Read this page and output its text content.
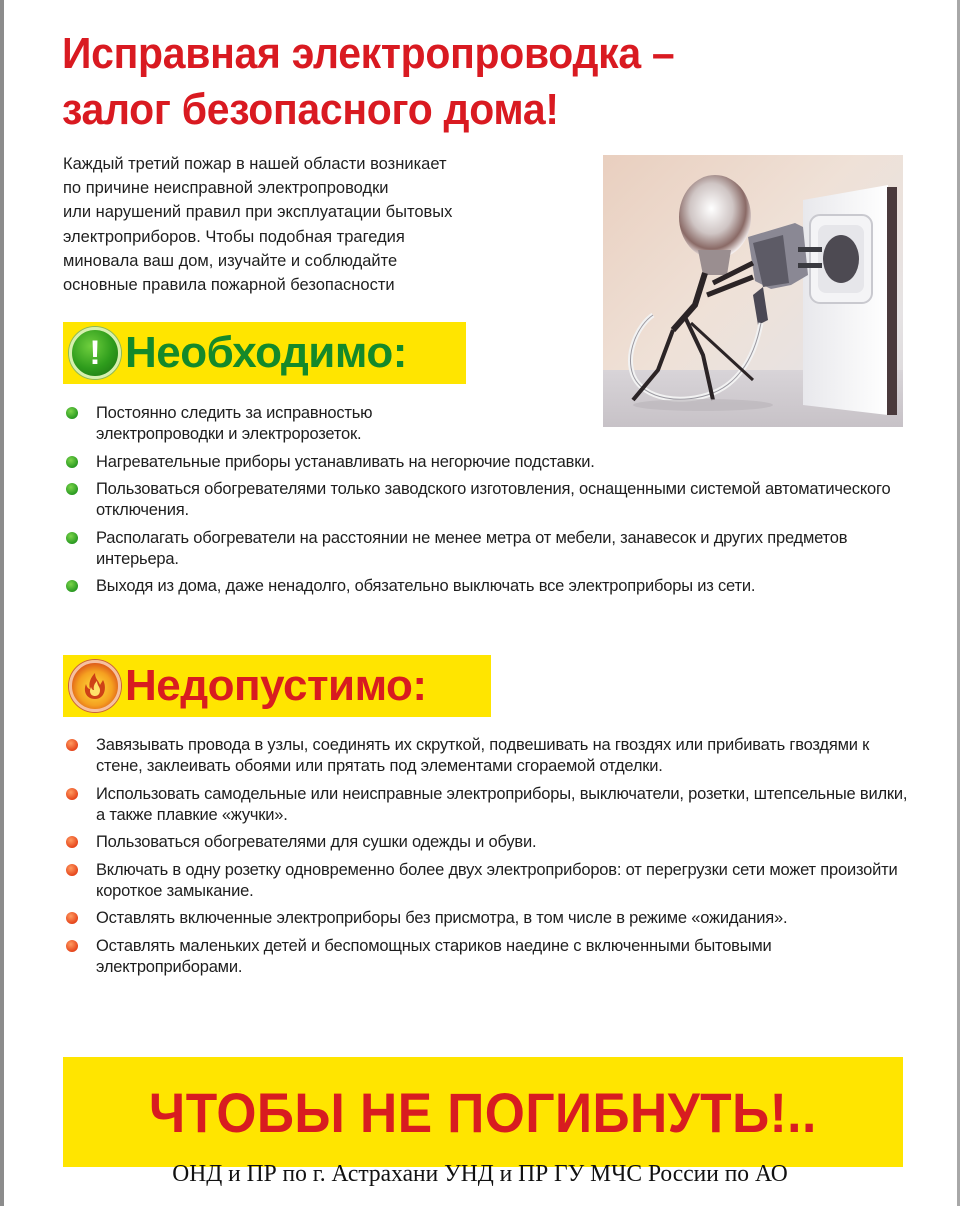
Исправная электропроводка –
залог безопасного дома!
Каждый третий пожар в нашей области возникает
по причине неисправной электропроводки
или нарушений правил при эксплуатации бытовых
электроприборов. Чтобы подобная трагедия
миновала ваш дом, изучайте и соблюдайте
основные правила пожарной безопасности
! Необходимо:
Постоянно следить за исправностью электропроводки и электророзеток.
Нагревательные приборы устанавливать на негорючие подставки.
Пользоваться обогревателями только заводского изготовления, оснащенными системой автоматического отключения.
Располагать обогреватели на расстоянии не менее метра от мебели, занавесок и других предметов интерьера.
Выходя из дома, даже ненадолго, обязательно выключать все электроприборы из сети.
Недопустимо:
Завязывать провода в узлы, соединять их скруткой, подвешивать на гвоздях или прибивать гвоздями к стене, заклеивать обоями или прятать под элементами сгораемой отделки.
Использовать самодельные или неисправные электроприборы, выключатели, розетки, штепсельные вилки, а также плавкие «жучки».
Пользоваться обогревателями для сушки одежды и обуви.
Включать в одну розетку одновременно более двух электроприборов: от перегрузки сети может произойти короткое замыкание.
Оставлять включенные электроприборы без присмотра, в том числе в режиме «ожидания».
Оставлять маленьких детей и беспомощных стариков наедине с включенными бытовыми электроприборами.
ЧТОБЫ НЕ ПОГИБНУТЬ!..
ОНД и ПР по г. Астрахани УНД и ПР ГУ МЧС России по АО
